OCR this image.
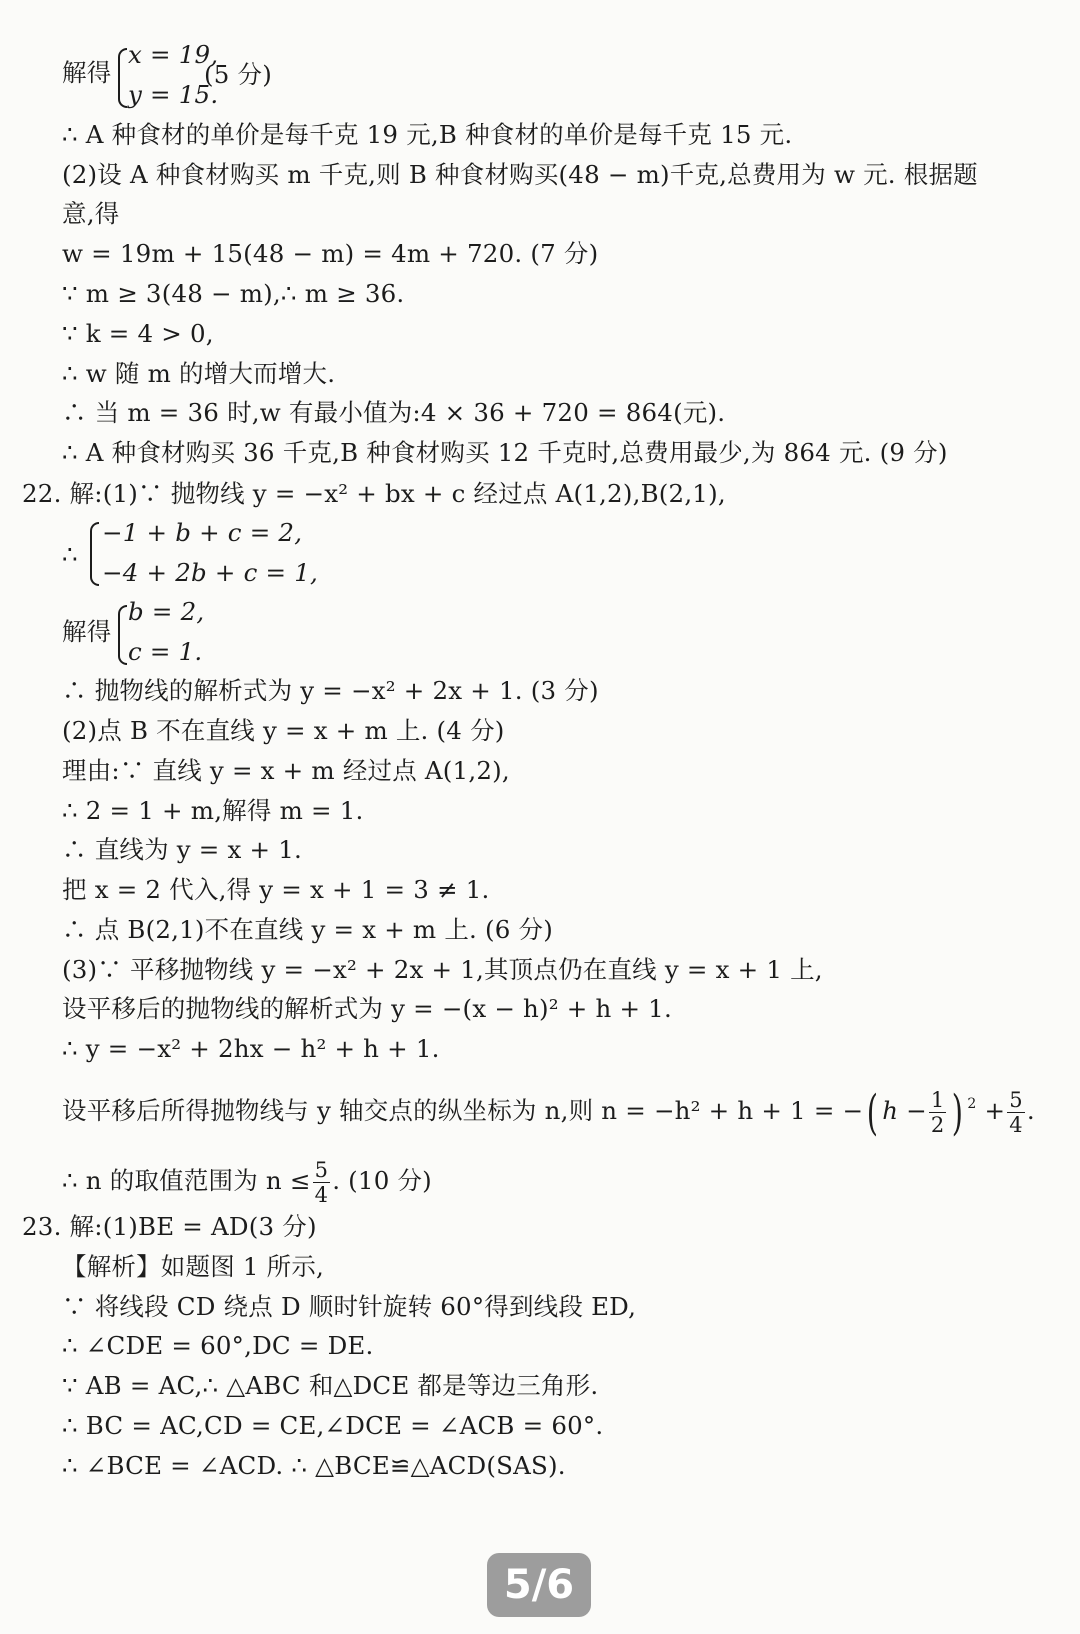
解得
x = 19,
y = 15.
(5 分)
∴ A 种食材的单价是每千克 19 元,B 种食材的单价是每千克 15 元.
(2)设 A 种食材购买 m 千克,则 B 种食材购买(48 − m)千克,总费用为 w 元. 根据题
意,得
w = 19m + 15(48 − m) = 4m + 720. (7 分)
∵ m ≥ 3(48 − m),∴ m ≥ 36.
∵ k = 4 > 0,
∴ w 随 m 的增大而增大.
∴ 当 m = 36 时,w 有最小值为:4 × 36 + 720 = 864(元).
∴ A 种食材购买 36 千克,B 种食材购买 12 千克时,总费用最少,为 864 元. (9 分)
22. 解:(1)∵ 抛物线 y = −x² + bx + c 经过点 A(1,2),B(2,1),
∴
−1 + b + c = 2,
−4 + 2b + c = 1,
解得
b = 2,
c = 1.
∴ 抛物线的解析式为 y = −x² + 2x + 1. (3 分)
(2)点 B 不在直线 y = x + m 上. (4 分)
理由:∵ 直线 y = x + m 经过点 A(1,2),
∴ 2 = 1 + m,解得 m = 1.
∴ 直线为 y = x + 1.
把 x = 2 代入,得 y = x + 1 = 3 ≠ 1.
∴ 点 B(2,1)不在直线 y = x + m 上. (6 分)
(3)∵ 平移抛物线 y = −x² + 2x + 1,其顶点仍在直线 y = x + 1 上,
设平移后的抛物线的解析式为 y = −(x − h)² + h + 1.
∴ y = −x² + 2hx − h² + h + 1.
设平移后所得抛物线与 y 轴交点的纵坐标为 n,则 n = −h² + h + 1 = −( $h - \frac{1}{2}$ ) $^2 + \frac{5}{4}$ .
∴ n 的取值范围为 $n \le \frac{5}{4}$ . (10 分)
23. 解:(1)BE = AD(3 分)
【解析】如题图 1 所示,
∵ 将线段 CD 绕点 D 顺时针旋转 60°得到线段 ED,
∴ ∠CDE = 60°,DC = DE.
∵ AB = AC,∴ △ABC 和△DCE 都是等边三角形.
∴ BC = AC,CD = CE,∠DCE = ∠ACB = 60°.
∴ ∠BCE = ∠ACD. ∴ △BCE≌△ACD(SAS).
5/6
